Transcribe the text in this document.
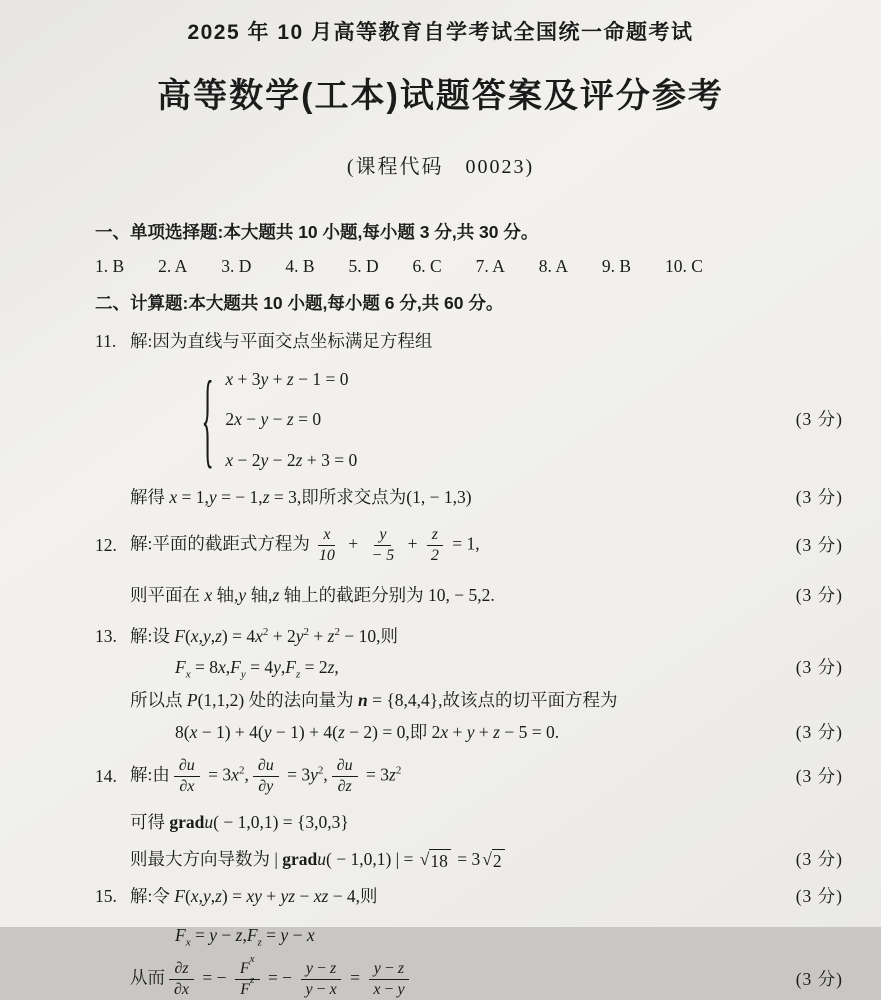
2025 年 10 月高等教育自学考试全国统一命题考试
高等数学(工本)试题答案及评分参考
(课程代码　00023)
一、单项选择题:本大题共 10 小题,每小题 3 分,共 30 分。
1. B 2. A 3. D 4. B 5. D 6. C 7. A 8. A 9. B 10. C
二、计算题:本大题共 10 小题,每小题 6 分,共 60 分。
11. 解:因为直线与平面交点坐标满足方程组
{ x + 3y + z − 1 = 0
2x − y − z = 0
x − 2y − 2z + 3 = 0
(3 分)
解得 x = 1,y = − 1,z = 3,即所求交点为(1, − 1,3)	(3 分)
12. 解:平面的截距式方程为 $\frac{x}{10} + \frac{y}{- 5} + \frac{z}{2} = 1$,	(3 分)
则平面在 x 轴,y 轴,z 轴上的截距分别为 10, − 5,2.	(3 分)
13. 解:设 $F(x,y,z) = 4x^2 + 2y^2 + z^2 - 10$,则
$F_x = 8x,F_y = 4y,F_z = 2z$,	(3 分)
所以点 P(1,1,2) 处的法向量为 n = {8,4,4},故该点的切平面方程为
8(x − 1) + 4(y − 1) + 4(z − 2) = 0,即 2x + y + z − 5 = 0.	(3 分)
14. 解:由 $\frac{\partial u}{\partial x} = 3x^2$, $\frac{\partial u}{\partial y} = 3y^2$, $\frac{\partial u}{\partial z} = 3z^2$	(3 分)
可得 gradu( − 1,0,1) = {3,0,3}
则最大方向导数为 | gradu( − 1,0,1) | = √ 18 = 3 √ 2	(3 分)
15. 解:令 F(x,y,z) = xy + yz − xz − 4,则	(3 分)
$F_x = y - z,F_z = y - x$
从而 $\frac{\partial z}{\partial x}$ = − F
x
F
z = − $\frac{y - z}{y - x} = \frac{y - z}{x - y}$	(3 分)
